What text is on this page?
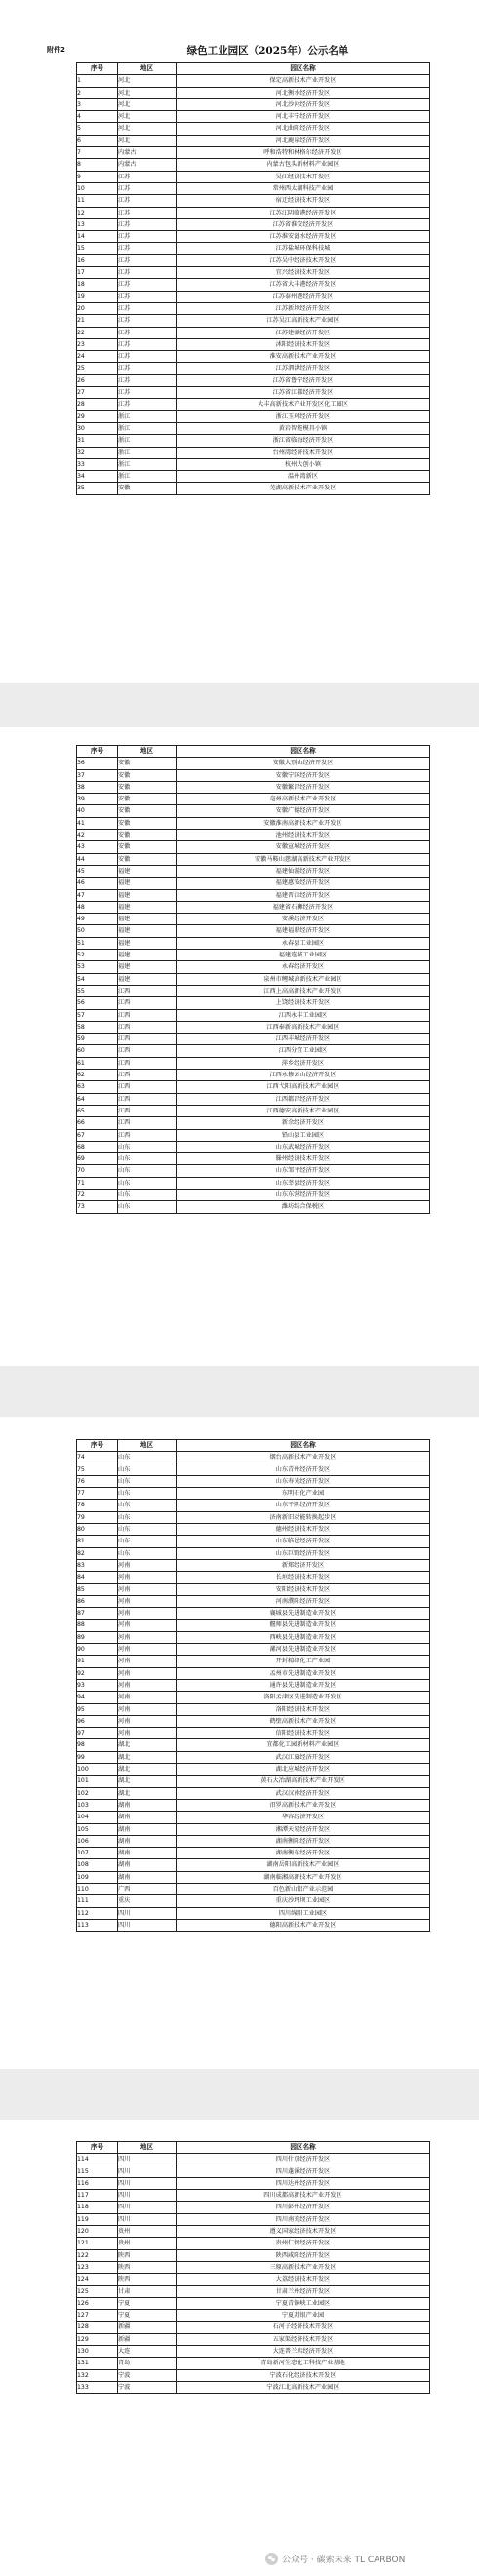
附件2	绿色工业园区（2025年）公示名单
序号	地区	园区名称
1	河北	保定高新技术产业开发区
2	河北	河北衡水经济开发区
3	河北	河北沙河经济开发区
4	河北	河北丰宁经济开发区
5	河北	河北曲阳经济开发区
6	河北	河北鹿泉经济开发区
7	内蒙古	呼和浩特和林格尔经济开发区
8	内蒙古	内蒙古包头新材料产业园区
9	江苏	吴江经济技术开发区
10	江苏	常州西太湖科技产业园
11	江苏	宿迁经济技术开发区
12	江苏	江苏江阴临港经济开发区
13	江苏	江苏省淮安经济开发区
14	江苏	江苏淮安涟水经济开发区
15	江苏	江苏盐城环保科技城
16	江苏	江苏吴中经济技术开发区
17	江苏	宜兴经济技术开发区
18	江苏	江苏省大丰港经济开发区
19	江苏	江苏泰州港经济开发区
20	江苏	江苏新坝经济开发区
21	江苏	江苏吴江高新技术产业园区
22	江苏	江苏建湖经济开发区
23	江苏	沭阳经济技术开发区
24	江苏	淮安高新技术产业开发区
25	江苏	江苏泗洪经济开发区
26	江苏	江苏省鲁宁经济开发区
27	江苏	江苏省江都经济开发区
28	江苏	大丰高新技术产业开发区化工园区
29	浙江	浙江玉环经济开发区
30	浙江	黄岩智能模具小镇
31	浙江	浙江省临海经济开发区
32	浙江	台州湾经济技术开发区
33	浙江	杭州大创小镇
34	浙江	温州湾新区
35	安徽	芜湖高新技术产业开发区
序号	地区	园区名称
36	安徽	安徽大别山经济开发区
37	安徽	安徽宁国经济开发区
38	安徽	安徽繁昌经济开发区
39	安徽	亳州高新技术产业开发区
40	安徽	安徽广德经济开发区
41	安徽	安徽淮南高新技术产业开发区
42	安徽	池州经济技术开发区
43	安徽	安徽宣城经济开发区
44	安徽	安徽马鞍山慈湖高新技术产业开发区
45	福建	福建仙游经济开发区
46	福建	福建惠安经济开发区
47	福建	福建晋江经济开发区
48	福建	福建省石狮经济开发区
49	福建	安溪经济开发区
50	福建	福建福鼎经济开发区
51	福建	永春县工业园区
52	福建	福建连城工业园区
53	福建	永春经济开发区
54	福建	泉州市鲤城高新技术产业园区
55	江西	江西上高高新技术产业开发区
56	江西	上饶经济技术开发区
57	江西	江西永丰工业园区
58	江西	江西奉新高新技术产业园区
59	江西	江西丰城经济开发区
60	江西	江西分宜工业园区
61	江西	萍乡经济开发区
62	江西	江西永修云山经济开发区
63	江西	江西弋阳高新技术产业园区
64	江西	江西都昌经济开发区
65	江西	江西德安高新技术产业园区
66	江西	新余经济开发区
67	江西	铅山县工业园区
68	山东	山东武城经济开发区
69	山东	滕州经济技术开发区
70	山东	山东邹平经济开发区
71	山东	山东莘县经济开发区
72	山东	山东东营经济开发区
73	山东	潍坊综合保税区
序号	地区	园区名称
74	山东	烟台高新技术产业开发区
75	山东	山东青州经济开发区
76	山东	山东寿光经济开发区
77	山东	东明石化产业园
78	山东	山东平阴经济开发区
79	山东	济南新旧动能转换起步区
80	山东	德州经济技术开发区
81	山东	山东临邑经济开发区
82	山东	山东巨野经济开发区
83	河南	新郑经济开发区
84	河南	长垣经济技术开发区
85	河南	安阳经济技术开发区
86	河南	河南濮阳经济开发区
87	河南	襄城县先进制造业开发区
88	河南	偃师县先进制造业开发区
89	河南	西峡县先进制造业开发区
90	河南	漯河县先进制造业开发区
91	河南	开封精细化工产业园
92	河南	孟州市先进制造业开发区
93	河南	通许县先进制造业开发区
94	河南	洛阳孟津区先进制造业开发区
95	河南	洛阳经济技术开发区
96	河南	鹤壁高新技术产业开发区
97	河南	信阳经济技术开发区
98	湖北	宜都化工园新材料产业园区
99	湖北	武汉江夏经济开发区
100	湖北	湖北应城经济开发区
101	湖北	黄石大冶湖高新技术产业开发区
102	湖北	武汉汉南经济开发区
103	湖南	汨罗高新技术产业开发区
104	湖南	华容经济开发区
105	湖南	湘潭天易经济开发区
106	湖南	湖南衡阳经济开发区
107	湖南	湖南衡东经济开发区
108	湖南	湖南岳阳高新技术产业园区
109	湖南	湖南临湘高新技术产业开发区
110	广西	百色新山铝产业示范园
111	重庆	重庆沙坪坝工业园区
112	四川	四川绵阳工业园区
113	四川	德阳高新技术产业开发区
序号	地区	园区名称
114	四川	四川什邡经济开发区
115	四川	四川蓬溪经济开发区
116	四川	四川达州经济开发区
117	四川	四川成都高新技术产业开发区
118	四川	四川彭州经济开发区
119	四川	四川南充经济开发区
120	贵州	遵义国家经济技术开发区
121	贵州	贵州仁怀经济开发区
122	陕西	陕西咸阳经济开发区
123	陕西	三原高新技术产业开发区
124	陕西	大荔经济技术开发区
125	甘肃	甘肃兰州经济开发区
126	宁夏	宁夏青铜峡工业园区
127	宁夏	宁夏苏银产业园
128	新疆	石河子经济技术开发区
129	新疆	五家渠经济技术开发区
130	大连	大连普兰店经济开发区
131	青岛	青岛新河生态化工科技产业基地
132	宁波	宁波石化经济技术开发区
133	宁波	宁波江北高新技术产业园区
公众号 · 碳索未来 TL CARBON
